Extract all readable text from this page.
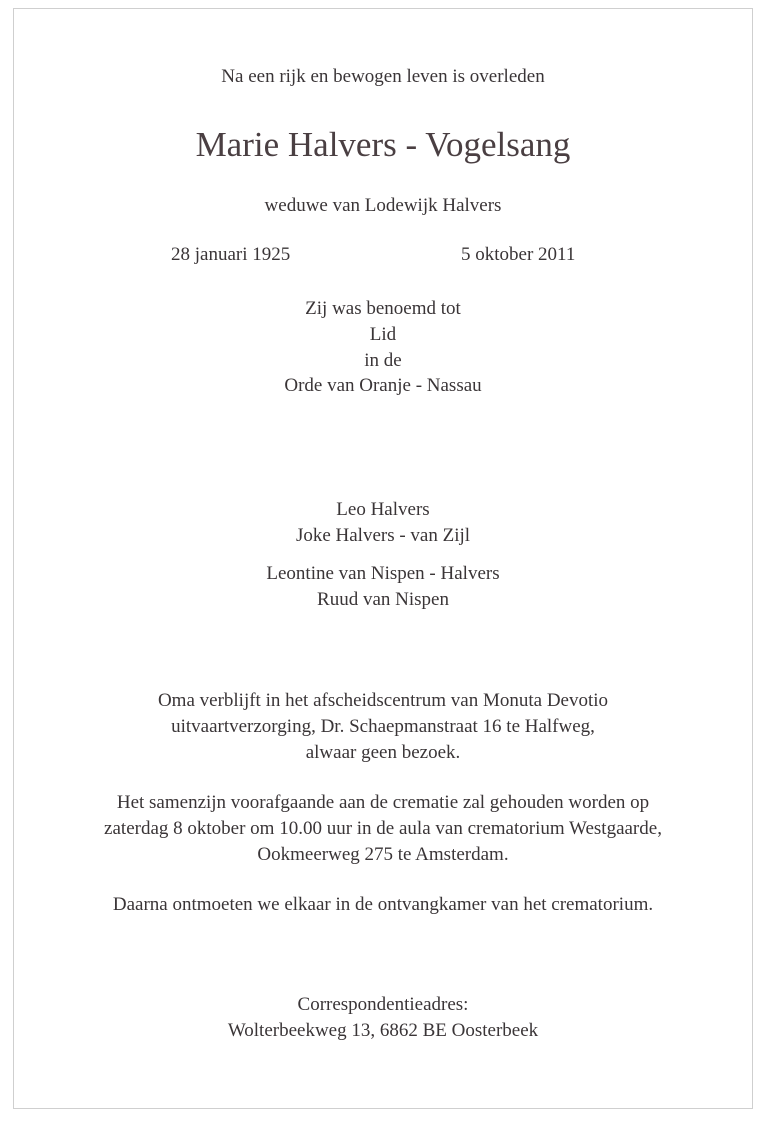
Na een rijk en bewogen leven is overleden
Marie Halvers - Vogelsang
weduwe van Lodewijk Halvers
28 januari 1925	5 oktober 2011
Zij was benoemd tot
Lid
in de
Orde van Oranje - Nassau
Leo Halvers
Joke Halvers - van Zijl
Leontine van Nispen - Halvers
Ruud van Nispen
Oma verblijft in het afscheidscentrum van Monuta Devotio
uitvaartverzorging, Dr. Schaepmanstraat 16 te Halfweg,
alwaar geen bezoek.
Het samenzijn voorafgaande aan de crematie zal gehouden worden op
zaterdag 8 oktober om 10.00 uur in de aula van crematorium Westgaarde,
Ookmeerweg 275 te Amsterdam.
Daarna ontmoeten we elkaar in de ontvangkamer van het crematorium.
Correspondentieadres:
Wolterbeekweg 13, 6862 BE Oosterbeek
